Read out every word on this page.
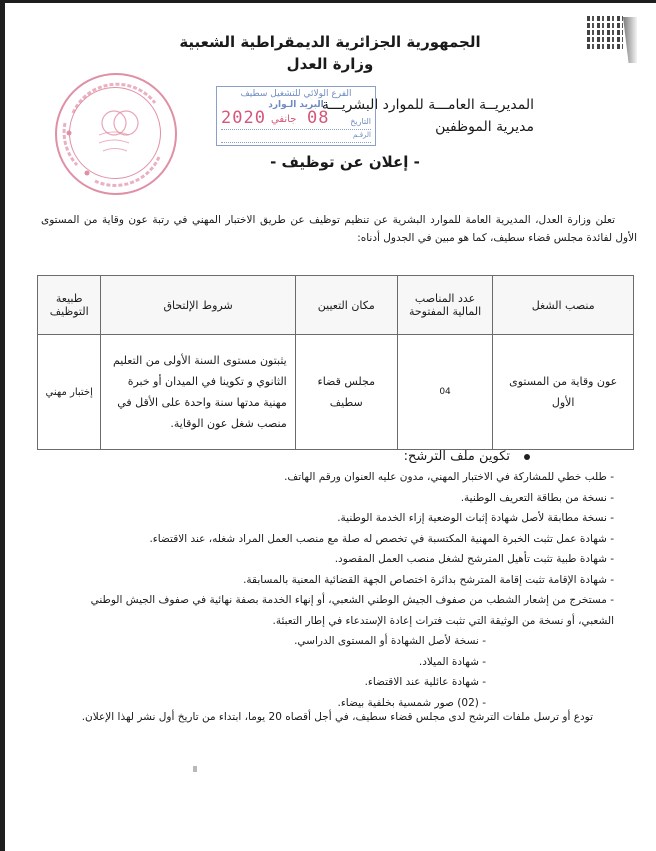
الجمهورية الجزائرية الديمقراطية الشعبية
وزارة العدل
المديريــة العامـــة للموارد البشريـــة
مديرية الموظفين
الفرع الولائي للتشغيل سطيف
البريد الـوارد
التاريخ
08
جانفي
2020
الرقـم
- إعلان عن توظيف -
تعلن وزارة العدل، المديرية العامة للموارد البشرية عن تنظيم توظيف عن طريق الاختبار المهني في رتبة عون وقاية من المستوى الأول لفائدة مجلس قضاء سطيف، كما هو مبين في الجدول أدناه:
منصب الشغل	عدد المناصب المالية المفتوحة	مكان التعيين	شروط الإلتحاق	طبيعة التوظيف
عون وقاية من المستوى الأول	04	مجلس قضاء سطيف	يثبتون مستوى السنة الأولى من التعليم الثانوي و تكوينا في الميدان أو خبرة مهنية مدتها سنة واحدة على الأقل في منصب شغل عون الوقاية.	إختبار مهني
تكوين ملف الترشح:
- طلب خطي للمشاركة في الاختبار المهني، مدون عليه العنوان ورقم الهاتف.
- نسخة من بطاقة التعريف الوطنية.
- نسخة مطابقة لأصل شهادة إثبات الوضعية إزاء الخدمة الوطنية.
- شهادة عمل تثبت الخبرة المهنية المكتسبة في تخصص له صلة مع منصب العمل المراد شغله، عند الاقتضاء.
- شهادة طبية تثبت تأهيل المترشح لشغل منصب العمل المقصود.
- شهادة الإقامة تثبت إقامة المترشح بدائرة اختصاص الجهة القضائية المعنية بالمسابقة.
- مستخرج من إشعار الشطب من صفوف الجيش الوطني الشعبي، أو إنهاء الخدمة بصفة نهائية في صفوف الجيش الوطني
الشعبي، أو نسخة من الوثيقة التي تثبت فترات إعادة الإستدعاء في إطار التعبئة.
- نسخة لأصل الشهادة أو المستوى الدراسي.
- شهادة الميلاد.
- شهادة عائلية عند الاقتضاء.
- (02) صور شمسية بخلفية بيضاء.
تودع أو ترسل ملفات الترشح لدى مجلس قضاء سطيف، في أجل أقصاه 20 يوما، ابتداء من تاريخ أول نشر لهذا الإعلان.
